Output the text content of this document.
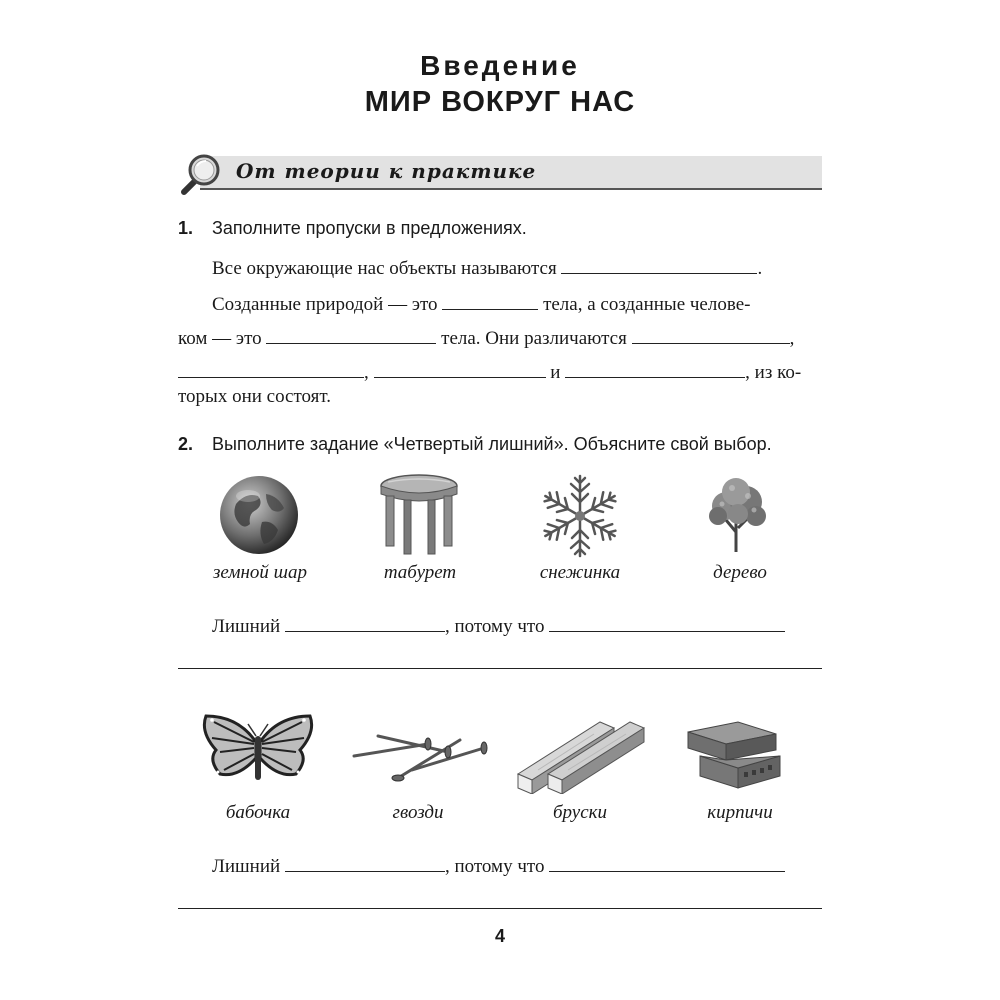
Введение
МИР ВОКРУГ НАС
От теории к практике
1. Заполните пропуски в предложениях.
Все окружающие нас объекты называются	.
Созданные природой — это	тела, а созданные челове-
ком — это	тела. Они различаются	,
,	и	, из ко-
торых они состоят.
2. Выполните задание «Четвертый лишний». Объясните свой выбор.
земной шар	табурет	снежинка	дерево
Лишний	, потому что
бабочка	гвозди	бруски	кирпичи
Лишний	, потому что
4
